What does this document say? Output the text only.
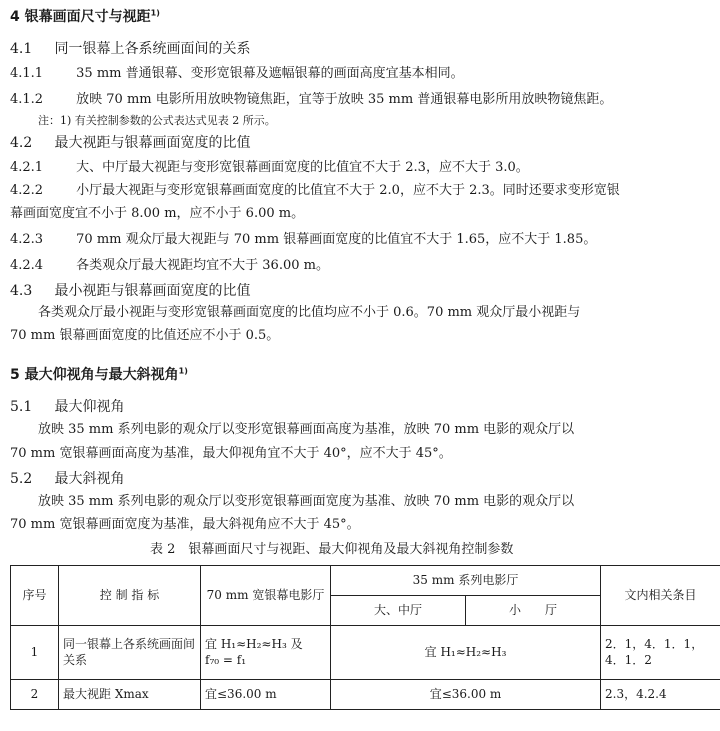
4 银幕画面尺寸与视距$^{1)}$
4.1 同一银幕上各系统画面间的关系
4.1.1	35 mm 普通银幕、变形宽银幕及遮幅银幕的画面高度宜基本相同。
4.1.2	放映 70 mm 电影所用放映物镜焦距，宜等于放映 35 mm 普通银幕电影所用放映物镜焦距。
注：1) 有关控制参数的公式表达式见表 2 所示。
4.2 最大视距与银幕画面宽度的比值
4.2.1	大、中厅最大视距与变形宽银幕画面宽度的比值宜不大于 2.3，应不大于 3.0。
4.2.2	小厅最大视距与变形宽银幕画面宽度的比值宜不大于 2.0，应不大于 2.3。同时还要求变形宽银
幕画面宽度宜不小于 8.00 m，应不小于 6.00 m。
4.2.3	70 mm 观众厅最大视距与 70 mm 银幕画面宽度的比值宜不大于 1.65，应不大于 1.85。
4.2.4	各类观众厅最大视距均宜不大于 36.00 m。
4.3 最小视距与银幕画面宽度的比值
各类观众厅最小视距与变形宽银幕画面宽度的比值均应不小于 0.6。70 mm 观众厅最小视距与
70 mm 银幕画面宽度的比值还应不小于 0.5。
5 最大仰视角与最大斜视角$^{1)}$
5.1 最大仰视角
放映 35 mm 系列电影的观众厅以变形宽银幕画面高度为基准，放映 70 mm 电影的观众厅以
70 mm 宽银幕画面高度为基准，最大仰视角宜不大于 40°，应不大于 45°。
5.2 最大斜视角
放映 35 mm 系列电影的观众厅以变形宽银幕画面宽度为基准、放映 70 mm 电影的观众厅以
70 mm 宽银幕画面宽度为基准，最大斜视角应不大于 45°。
表 2　银幕画面尺寸与视距、最大仰视角及最大斜视角控制参数
序号	控 制 指 标	70 mm 宽银幕电影厅	35 mm 系列电影厅		文内相关条目
			大、中厅	小　　厅	
1	同一银幕上各系统画面间关系	宜 H₁≈H₂≈H₃ 及
f₇₀ = f₁	宜 H₁≈H₂≈H₃		2．1，4．1．1，4．1．2
2	最大视距 Xmax	宜≤36.00 m	宜≤36.00 m		2.3，4.2.4
